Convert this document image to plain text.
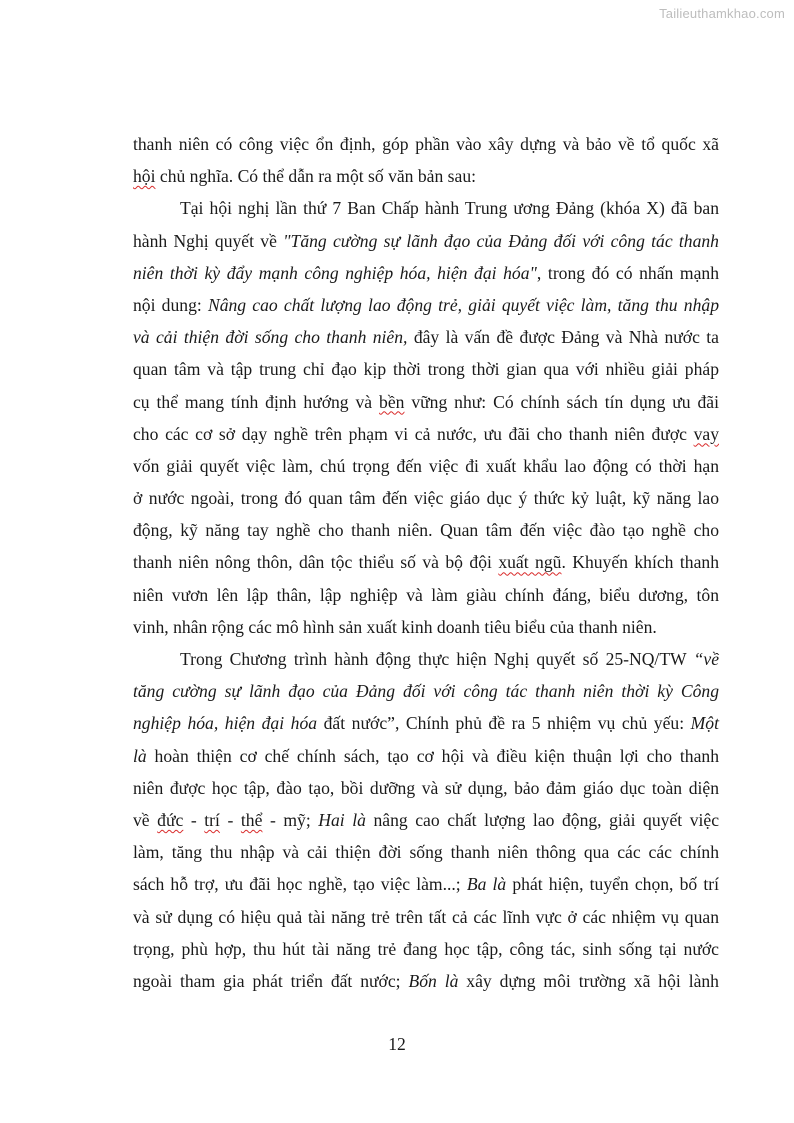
Tailieuthamkhao.com
thanh niên có công việc ổn định, góp phần vào xây dựng và bảo về tổ quốc xã
hội chủ nghĩa. Có thể dẫn ra một số văn bản sau:
Tại hội nghị lần thứ 7 Ban Chấp hành Trung ương Đảng (khóa X) đã ban
hành Nghị quyết về "Tăng cường sự lãnh đạo của Đảng đối với công tác thanh
niên thời kỳ đẩy mạnh công nghiệp hóa, hiện đại hóa", trong đó có nhấn mạnh
nội dung: Nâng cao chất lượng lao động trẻ, giải quyết việc làm, tăng thu nhập
và cải thiện đời sống cho thanh niên, đây là vấn đề được Đảng và Nhà nước ta
quan tâm và tập trung chỉ đạo kịp thời trong thời gian qua với nhiều giải pháp
cụ thể mang tính định hướng và bền vững như: Có chính sách tín dụng ưu đãi
cho các cơ sở dạy nghề trên phạm vi cả nước, ưu đãi cho thanh niên được vay
vốn giải quyết việc làm, chú trọng đến việc đi xuất khẩu lao động có thời hạn
ở nước ngoài, trong đó quan tâm đến việc giáo dục ý thức kỷ luật, kỹ năng lao
động, kỹ năng tay nghề cho thanh niên. Quan tâm đến việc đào tạo nghề cho
thanh niên nông thôn, dân tộc thiểu số và bộ đội xuất ngũ. Khuyến khích thanh
niên vươn lên lập thân, lập nghiệp và làm giàu chính đáng, biểu dương, tôn
vinh, nhân rộng các mô hình sản xuất kinh doanh tiêu biểu của thanh niên.
Trong Chương trình hành động thực hiện Nghị quyết số 25-NQ/TW “về
tăng cường sự lãnh đạo của Đảng đối với công tác thanh niên thời kỳ Công
nghiệp hóa, hiện đại hóa đất nước”, Chính phủ đề ra 5 nhiệm vụ chủ yếu: Một
là hoàn thiện cơ chế chính sách, tạo cơ hội và điều kiện thuận lợi cho thanh
niên được học tập, đào tạo, bồi dưỡng và sử dụng, bảo đảm giáo dục toàn diện
về đức - trí - thể - mỹ; Hai là nâng cao chất lượng lao động, giải quyết việc
làm, tăng thu nhập và cải thiện đời sống thanh niên thông qua các các chính
sách hỗ trợ, ưu đãi học nghề, tạo việc làm...; Ba là phát hiện, tuyển chọn, bố trí
và sử dụng có hiệu quả tài năng trẻ trên tất cả các lĩnh vực ở các nhiệm vụ quan
trọng, phù hợp, thu hút tài năng trẻ đang học tập, công tác, sinh sống tại nước
ngoài tham gia phát triển đất nước; Bốn là xây dựng môi trường xã hội lành
12
